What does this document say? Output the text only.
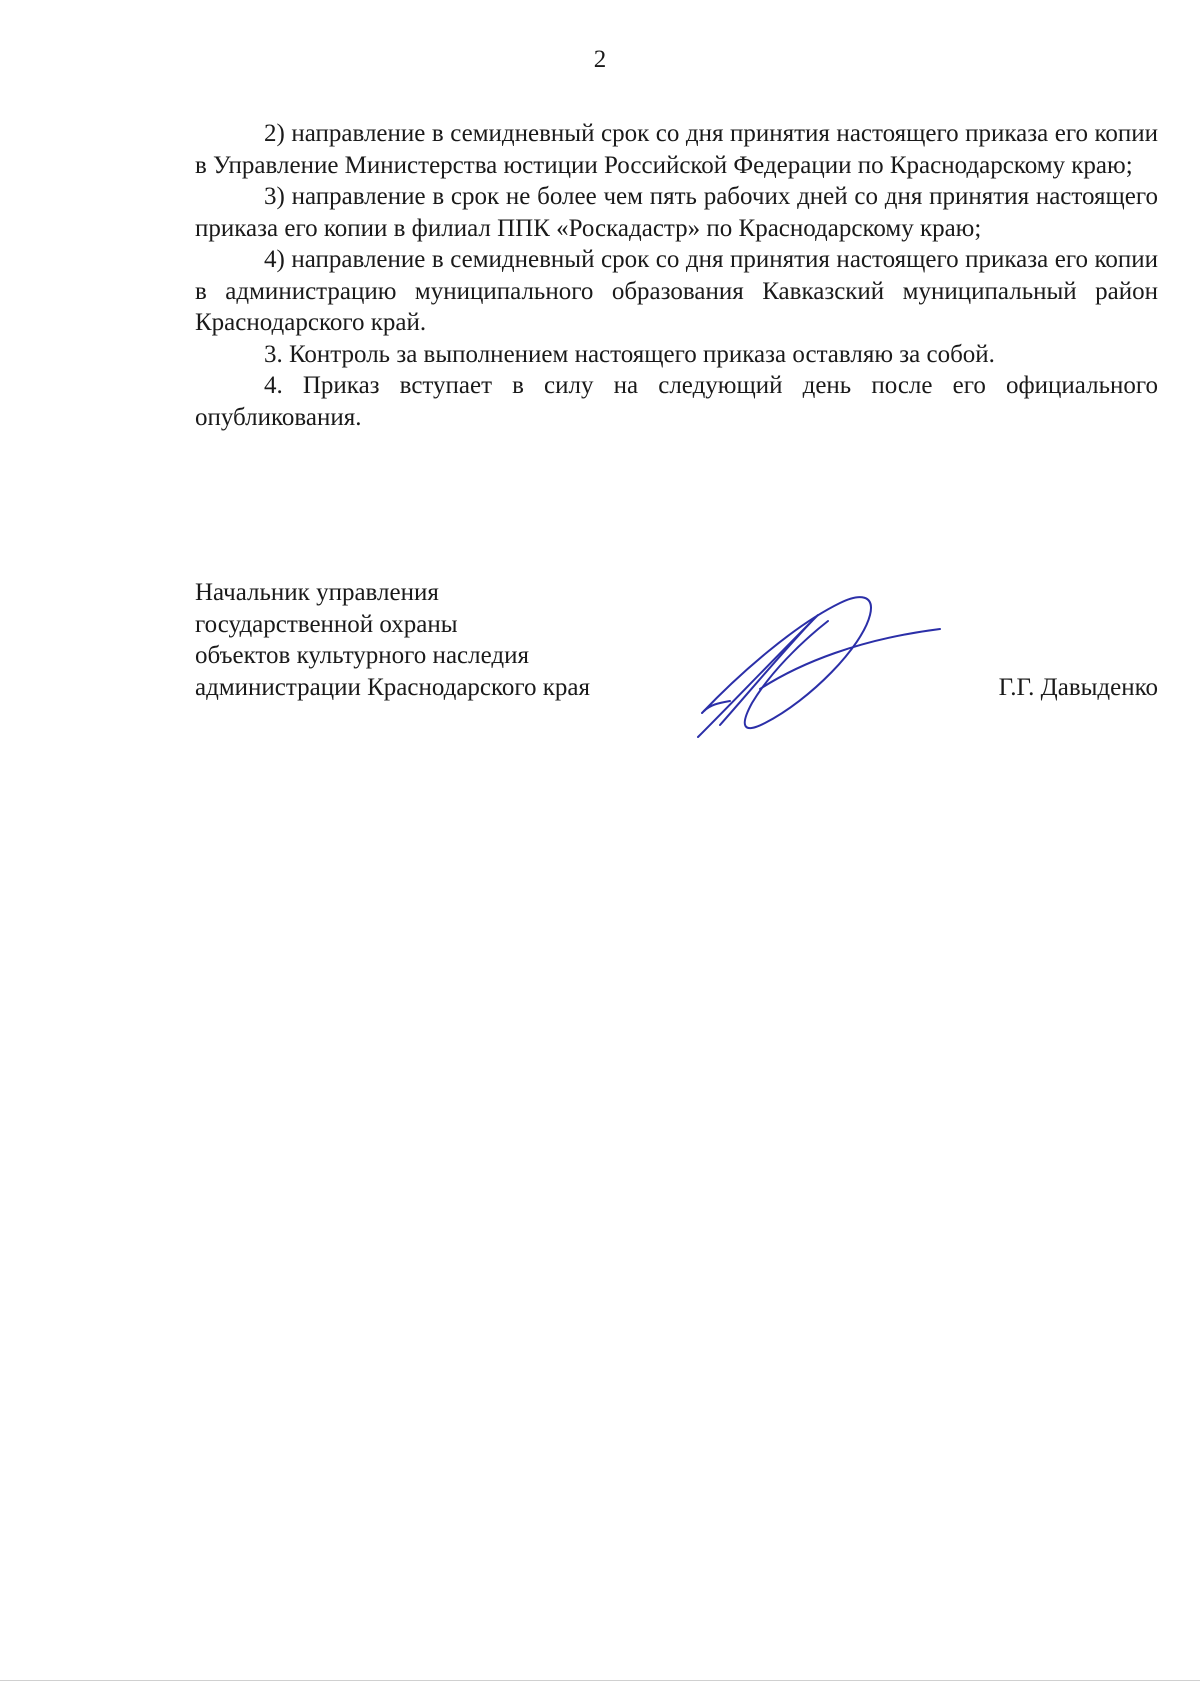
2

2) направление в семидневный срок со дня принятия настоящего приказа его копии в Управление Министерства юстиции Российской Федерации по Краснодарскому краю;

3) направление в срок не более чем пять рабочих дней со дня принятия настоящего приказа его копии в филиал ППК «Роскадастр» по Краснодарскому краю;

4) направление в семидневный срок со дня принятия настоящего приказа его копии в администрацию муниципального образования Кавказский муниципальный район Краснодарского край.

3. Контроль за выполнением настоящего приказа оставляю за собой.

4. Приказ вступает в силу на следующий день после его официального опубликования.

Начальник управления
государственной охраны
объектов культурного наследия
администрации Краснодарского края	Г.Г. Давыденко
